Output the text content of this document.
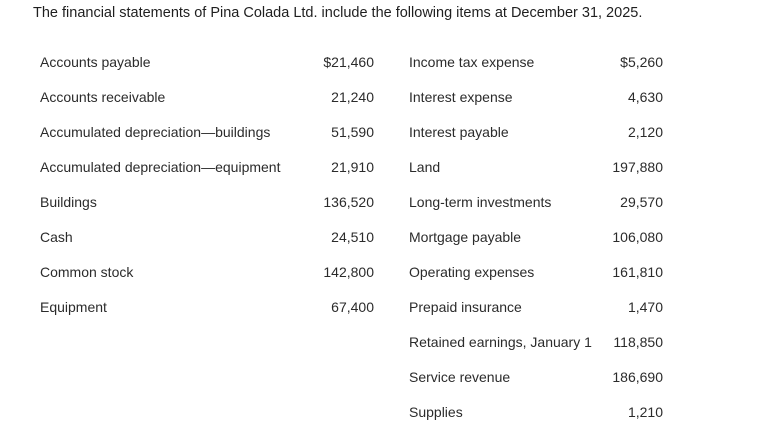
The financial statements of Pina Colada Ltd. include the following items at December 31, 2025.
Accounts payable	$21,460
Accounts receivable	21,240
Accumulated depreciation—buildings	51,590
Accumulated depreciation—equipment	21,910
Buildings	136,520
Cash	24,510
Common stock	142,800
Equipment	67,400
Income tax expense	$5,260
Interest expense	4,630
Interest payable	2,120
Land	197,880
Long-term investments	29,570
Mortgage payable	106,080
Operating expenses	161,810
Prepaid insurance	1,470
Retained earnings, January 1	118,850
Service revenue	186,690
Supplies	1,210
